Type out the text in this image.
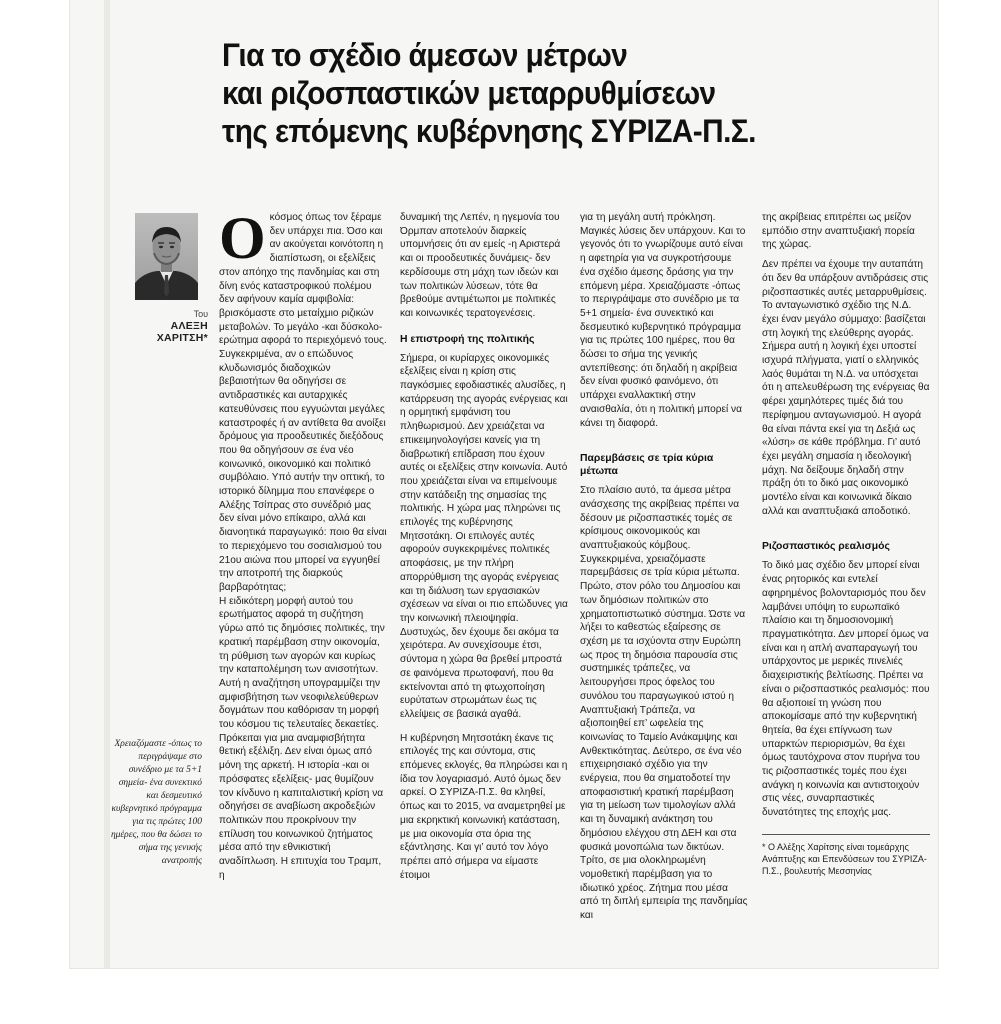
Για το σχέδιο άμεσων μέτρων
και ριζοσπαστικών μεταρρυθμίσεων
της επόμενης κυβέρνησης ΣΥΡΙΖΑ-Π.Σ.
Του
ΑΛΕΞΗ
ΧΑΡΙΤΣΗ*
Χρειαζόμαστε -όπως το περιγράψαμε στο συνέδριο με τα 5+1 σημεία- ένα συνεκτικό και δεσμευτικό κυβερνητικό πρόγραμμα για τις πρώτες 100 ημέρες, που θα δώσει το σήμα της γενικής ανατροπής

Οκόσμος όπως τον ξέραμε δεν υπάρχει πια. Όσο και αν ακούγεται κοινότοπη η διαπίστωση, οι εξελίξεις στον απόηχο της πανδημίας και στη δίνη ενός καταστροφικού πολέμου δεν αφήνουν καμία αμφιβολία: βρισκόμαστε στο μεταίχμιο ριζικών μεταβολών. Το μεγάλο -και δύσκολο- ερώτημα αφορά το περιεχόμενό τους. Συγκεκριμένα, αν ο επώδυνος κλυδωνισμός διαδοχικών βεβαιοτήτων θα οδηγήσει σε αντιδραστικές και αυταρχικές κατευθύνσεις που εγγυώνται μεγάλες καταστροφές ή αν αντίθετα θα ανοίξει δρόμους για προοδευτικές διεξόδους που θα οδηγήσουν σε ένα νέο κοινωνικό, οικονομικό και πολιτικό συμβόλαιο. Υπό αυτήν την οπτική, το ιστορικό δίλημμα που επανέφερε ο Αλέξης Τσίπρας στο συνέδριό μας δεν είναι μόνο επίκαιρο, αλλά και διανοητικά παραγωγικό: ποιο θα είναι το περιεχόμενο του σοσιαλισμού του 21ου αιώνα που μπορεί να εγγυηθεί την αποτροπή της διαρκούς βαρβαρότητας;

Η ειδικότερη μορφή αυτού του ερωτήματος αφορά τη συζήτηση γύρω από τις δημόσιες πολιτικές, την κρατική παρέμβαση στην οικονομία, τη ρύθμιση των αγορών και κυρίως την καταπολέμηση των ανισοτήτων. Αυτή η αναζήτηση υπογραμμίζει την αμφισβήτηση των νεοφιλελεύθερων δογμάτων που καθόρισαν τη μορφή του κόσμου τις τελευταίες δεκαετίες. Πρόκειται για μια αναμφισβήτητα θετική εξέλιξη. Δεν είναι όμως από μόνη της αρκετή. Η ιστορία -και οι πρόσφατες εξελίξεις- μας θυμίζουν τον κίνδυνο η καπιταλιστική κρίση να οδηγήσει σε αναβίωση ακροδεξιών πολιτικών που προκρίνουν την επίλυση του κοινωνικού ζητήματος μέσα από την εθνικιστική αναδίπλωση. Η επιτυχία του Τραμπ, η

δυναμική της Λεπέν, η ηγεμονία του Όρμπαν αποτελούν διαρκείς υπομνήσεις ότι αν εμείς -η Αριστερά και οι προοδευτικές δυνάμεις- δεν κερδίσουμε στη μάχη των ιδεών και των πολιτικών λύσεων, τότε θα βρεθούμε αντιμέτωποι με πολιτικές και κοινωνικές τερατογενέσεις.

Η επιστροφή της πολιτικής

Σήμερα, οι κυρίαρχες οικονομικές εξελίξεις είναι η κρίση στις παγκόσμιες εφοδιαστικές αλυσίδες, η κατάρρευση της αγοράς ενέργειας και η ορμητική εμφάνιση του πληθωρισμού. Δεν χρειάζεται να επικειμηνολογήσει κανείς για τη διαβρωτική επίδραση που έχουν αυτές οι εξελίξεις στην κοινωνία. Αυτό που χρειάζεται είναι να επιμείνουμε στην κατάδειξη της σημασίας της πολιτικής. Η χώρα μας πληρώνει τις επιλογές της κυβέρνησης Μητσοτάκη. Οι επιλογές αυτές αφορούν συγκεκριμένες πολιτικές αποφάσεις, με την πλήρη απορρύθμιση της αγοράς ενέργειας και τη διάλυση των εργασιακών σχέσεων να είναι οι πιο επώδυνες για την κοινωνική πλειοψηφία. Δυστυχώς, δεν έχουμε δει ακόμα τα χειρότερα. Αν συνεχίσουμε έτσι, σύντομα η χώρα θα βρεθεί μπροστά σε φαινόμενα πρωτοφανή, που θα εκτείνονται από τη φτωχοποίηση ευρύτατων στρωμάτων έως τις ελλείψεις σε βασικά αγαθά.

Η κυβέρνηση Μητσοτάκη έκανε τις επιλογές της και σύντομα, στις επόμενες εκλογές, θα πληρώσει και η ίδια τον λογαριασμό. Αυτό όμως δεν αρκεί. Ο ΣΥΡΙΖΑ-Π.Σ. θα κληθεί, όπως και το 2015, να αναμετρηθεί με μια εκρηκτική κοινωνική κατάσταση, με μια οικονομία στα όρια της εξάντλησης. Και γι’ αυτό τον λόγο πρέπει από σήμερα να είμαστε έτοιμοι

για τη μεγάλη αυτή πρόκληση. Μαγικές λύσεις δεν υπάρχουν. Και το γεγονός ότι το γνωρίζουμε αυτό είναι η αφετηρία για να συγκροτήσουμε ένα σχέδιο άμεσης δράσης για την επόμενη μέρα. Χρειαζόμαστε -όπως το περιγράψαμε στο συνέδριο με τα 5+1 σημεία- ένα συνεκτικό και δεσμευτικό κυβερνητικό πρόγραμμα για τις πρώτες 100 ημέρες, που θα δώσει το σήμα της γενικής αντεπίθεσης: ότι δηλαδή η ακρίβεια δεν είναι φυσικό φαινόμενο, ότι υπάρχει εναλλακτική στην αναισθαλία, ότι η πολιτική μπορεί να κάνει τη διαφορά.

Παρεμβάσεις σε τρία κύρια μέτωπα

Στο πλαίσιο αυτό, τα άμεσα μέτρα ανάσχεσης της ακρίβειας πρέπει να δέσουν με ριζοσπαστικές τομές σε κρίσιμους οικονομικούς και αναπτυξιακούς κόμβους. Συγκεκριμένα, χρειαζόμαστε παρεμβάσεις σε τρία κύρια μέτωπα. Πρώτο, στον ρόλο του Δημοσίου και των δημόσιων πολιτικών στο χρηματοπιστωτικό σύστημα. Ώστε να λήξει το καθεστώς εξαίρεσης σε σχέση με τα ισχύοντα στην Ευρώπη ως προς τη δημόσια παρουσία στις συστημικές τράπεζες, να λειτουργήσει προς όφελος του συνόλου του παραγωγικού ιστού η Αναπτυξιακή Τράπεζα, να αξιοποιηθεί επ’ ωφελεία της κοινωνίας το Ταμείο Ανάκαμψης και Ανθεκτικότητας. Δεύτερο, σε ένα νέο επιχειρησιακό σχέδιο για την ενέργεια, που θα σηματοδοτεί την αποφασιστική κρατική παρέμβαση για τη μείωση των τιμολογίων αλλά και τη δυναμική ανάκτηση του δημόσιου ελέγχου στη ΔΕΗ και στα φυσικά μονοπώλια των δικτύων. Τρίτο, σε μια ολοκληρωμένη νομοθετική παρέμβαση για το ιδιωτικό χρέος. Ζήτημα που μέσα από τη διπλή εμπειρία της πανδημίας και

της ακρίβειας επιτρέπει ως μείζον εμπόδιο στην αναπτυξιακή πορεία της χώρας.

Δεν πρέπει να έχουμε την αυταπάτη ότι δεν θα υπάρξουν αντιδράσεις στις ριζοσπαστικές αυτές μεταρρυθμίσεις. Το ανταγωνιστικό σχέδιο της Ν.Δ. έχει έναν μεγάλο σύμμαχο: βασίζεται στη λογική της ελεύθερης αγοράς. Σήμερα αυτή η λογική έχει υποστεί ισχυρά πλήγματα, γιατί ο ελληνικός λαός θυμάται τη Ν.Δ. να υπόσχεται ότι η απελευθέρωση της ενέργειας θα φέρει χαμηλότερες τιμές διά του περίφημου ανταγωνισμού. Η αγορά θα είναι πάντα εκεί για τη Δεξιά ως «λύση» σε κάθε πρόβλημα. Γι’ αυτό έχει μεγάλη σημασία η ιδεολογική μάχη. Να δείξουμε δηλαδή στην πράξη ότι το δικό μας οικονομικό μοντέλο είναι και κοινωνικά δίκαιο αλλά και αναπτυξιακά αποδοτικό.

Ριζοσπαστικός ρεαλισμός

Το δικό μας σχέδιο δεν μπορεί είναι ένας ρητορικός και εντελεί αφηρημένος βολονταρισμός που δεν λαμβάνει υπόψη το ευρωπαϊκό πλαίσιο και τη δημοσιονομική πραγματικότητα. Δεν μπορεί όμως να είναι και η απλή αναπαραγωγή του υπάρχοντος με μερικές πινελιές διαχειριστικής βελτίωσης. Πρέπει να είναι ο ριζοσπαστικός ρεαλισμός: που θα αξιοποιεί τη γνώση που αποκομίσαμε από την κυβερνητική θητεία, θα έχει επίγνωση των υπαρκτών περιορισμών, θα έχει όμως ταυτόχρονα στον πυρήνα του τις ριζοσπαστικές τομές που έχει ανάγκη η κοινωνία και αντιστοιχούν στις νέες, συναρπαστικές δυνατότητες της εποχής μας.

* Ο Αλέξης Χαρίτσης είναι τομεάρχης Ανάπτυξης και Επενδύσεων του ΣΥΡΙΖΑ-Π.Σ., βουλευτής Μεσσηνίας
